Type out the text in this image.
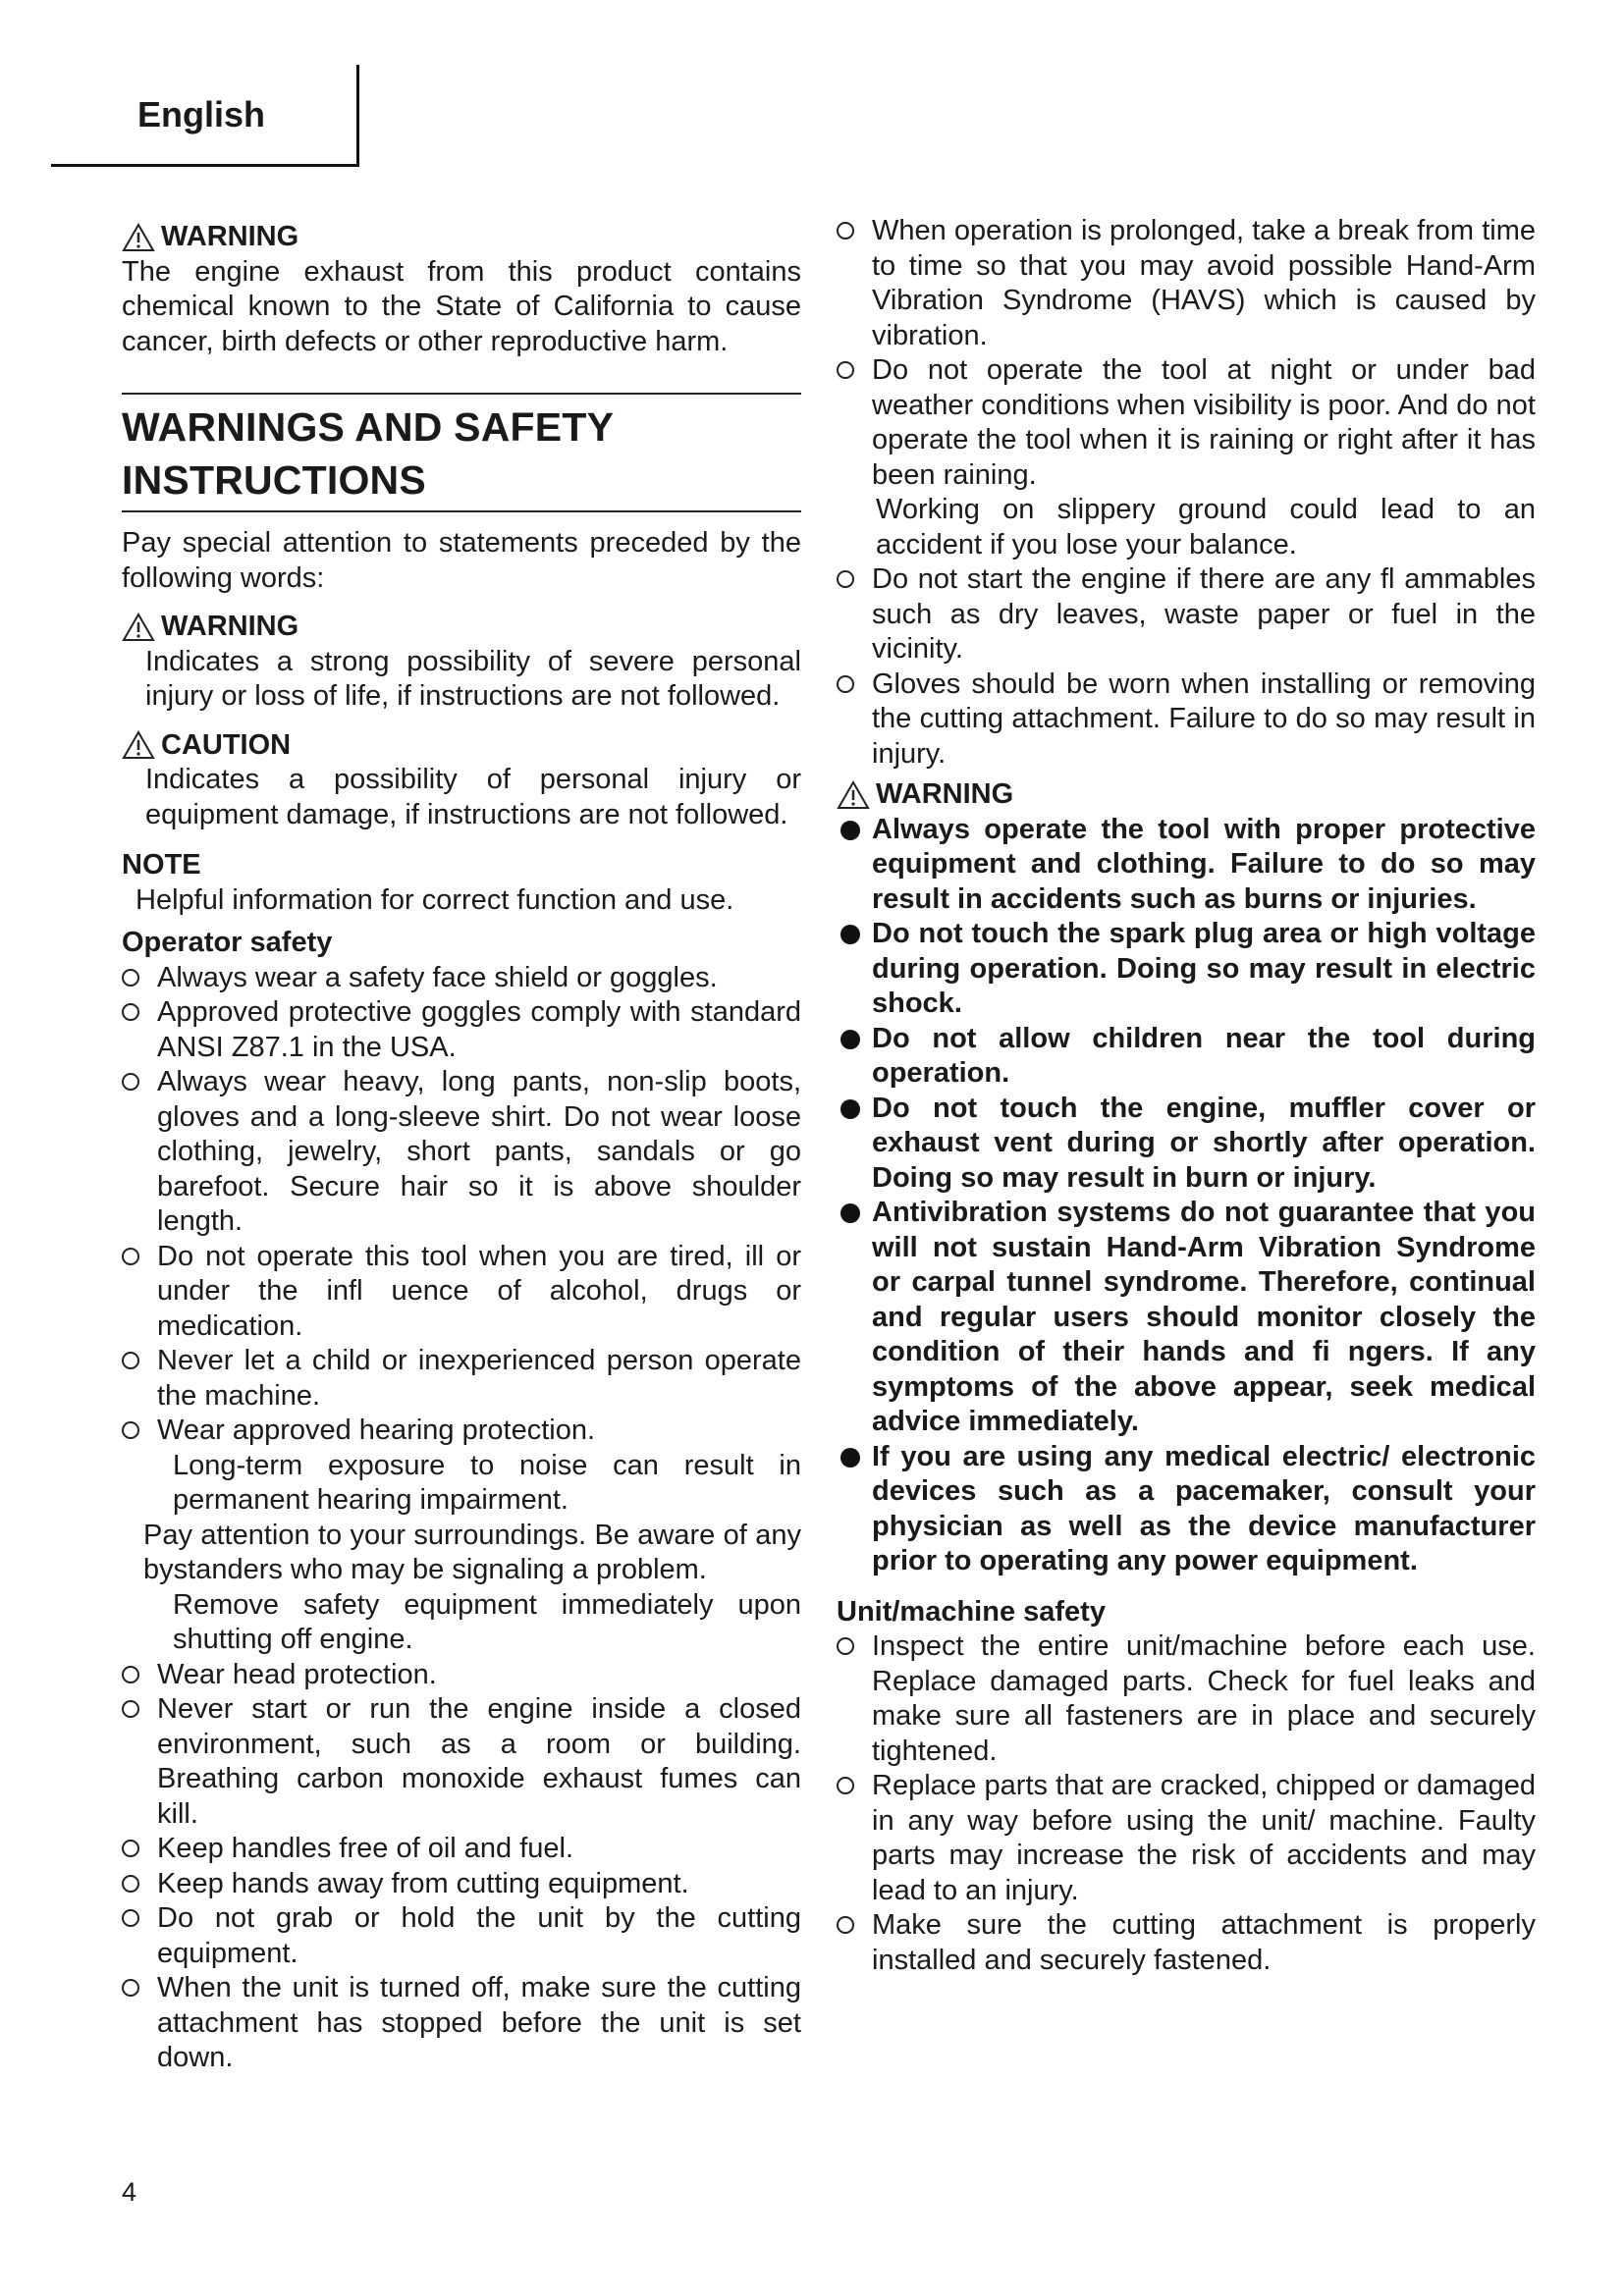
English
WARNING

The engine exhaust from this product contains chemical known to the State of California to cause cancer, birth defects or other reproductive harm.

WARNINGS AND SAFETY
INSTRUCTIONS

Pay special attention to statements preceded by the following words:

WARNING

Indicates a strong possibility of severe personal injury or loss of life, if instructions are not followed.

CAUTION

Indicates a possibility of personal injury or equipment damage, if instructions are not followed.

NOTE

Helpful information for correct function and use.

Operator safety
Always wear a safety face shield or goggles.
Approved protective goggles comply with standard ANSI Z87.1 in the USA.
Always wear heavy, long pants, non-slip boots, gloves and a long-sleeve shirt. Do not wear loose clothing, jewelry, short pants, sandals or go barefoot. Secure hair so it is above shoulder length.
Do not operate this tool when you are tired, ill or under the infl uence of alcohol, drugs or medication.
Never let a child or inexperienced person operate the machine.
Wear approved hearing protection.

Long-term exposure to noise can result in permanent hearing impairment.

Pay attention to your surroundings. Be aware of any bystanders who may be signaling a problem.

Remove safety equipment immediately upon shutting off engine.

Wear head protection.
Never start or run the engine inside a closed environment, such as a room or building. Breathing carbon monoxide exhaust fumes can kill.
Keep handles free of oil and fuel.
Keep hands away from cutting equipment.
Do not grab or hold the unit by the cutting equipment.
When the unit is turned off, make sure the cutting attachment has stopped before the unit is set down.
When operation is prolonged, take a break from time to time so that you may avoid possible Hand-Arm Vibration Syndrome (HAVS) which is caused by vibration.
Do not operate the tool at night or under bad weather conditions when visibility is poor. And do not operate the tool when it is raining or right after it has been raining.

Working on slippery ground could lead to an accident if you lose your balance.

Do not start the engine if there are any fl ammables such as dry leaves, waste paper or fuel in the vicinity.
Gloves should be worn when installing or removing the cutting attachment. Failure to do so may result in injury.
WARNING
Always operate the tool with proper protective equipment and clothing. Failure to do so may result in accidents such as burns or injuries.
Do not touch the spark plug area or high voltage during operation. Doing so may result in electric shock.
Do not allow children near the tool during operation.
Do not touch the engine, muffler cover or exhaust vent during or shortly after operation. Doing so may result in burn or injury.
Antivibration systems do not guarantee that you will not sustain Hand-Arm Vibration Syndrome or carpal tunnel syndrome. Therefore, continual and regular users should monitor closely the condition of their hands and fi ngers. If any symptoms of the above appear, seek medical advice immediately.
If you are using any medical electric/ electronic devices such as a pacemaker, consult your physician as well as the device manufacturer prior to operating any power equipment.
Unit/machine safety
Inspect the entire unit/machine before each use. Replace damaged parts. Check for fuel leaks and make sure all fasteners are in place and securely tightened.
Replace parts that are cracked, chipped or damaged in any way before using the unit/ machine. Faulty parts may increase the risk of accidents and may lead to an injury.
Make sure the cutting attachment is properly installed and securely fastened.
4
